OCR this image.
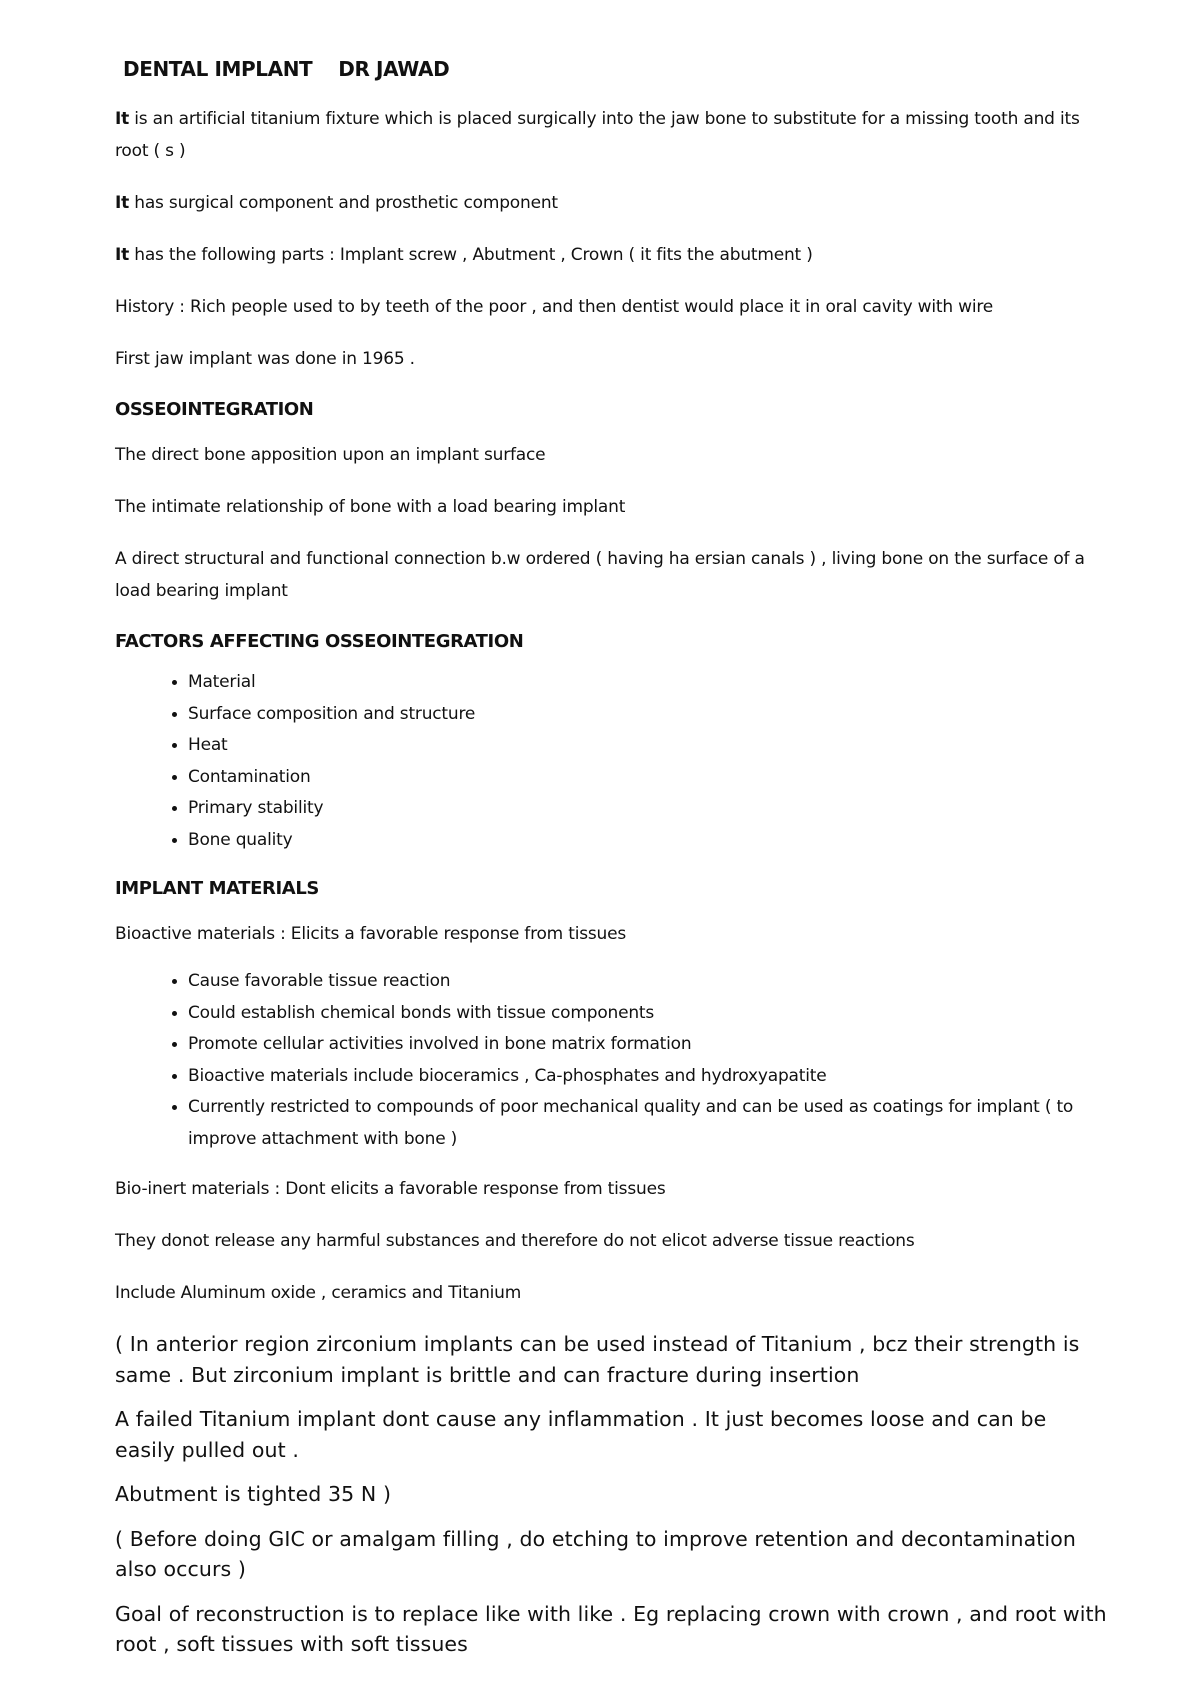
DENTAL IMPLANT DR JAWAD

It is an artificial titanium fixture which is placed surgically into the jaw bone to substitute for a missing tooth and its root ( s )

It has surgical component and prosthetic component

It has the following parts : Implant screw , Abutment , Crown ( it fits the abutment )

History : Rich people used to by teeth of the poor , and then dentist would place it in oral cavity with wire

First jaw implant was done in 1965 .

OSSEOINTEGRATION

The direct bone apposition upon an implant surface

The intimate relationship of bone with a load bearing implant

A direct structural and functional connection b.w ordered ( having ha ersian canals ) , living bone on the surface of a load bearing implant

FACTORS AFFECTING OSSEOINTEGRATION
• Material
• Surface composition and structure
• Heat
• Contamination
• Primary stability
• Bone quality
IMPLANT MATERIALS

Bioactive materials : Elicits a favorable response from tissues

• Cause favorable tissue reaction
• Could establish chemical bonds with tissue components
• Promote cellular activities involved in bone matrix formation
• Bioactive materials include bioceramics , Ca-phosphates and hydroxyapatite
• Currently restricted to compounds of poor mechanical quality and can be used as coatings for implant ( to improve attachment with bone )

Bio-inert materials : Dont elicits a favorable response from tissues

They donot release any harmful substances and therefore do not elicot adverse tissue reactions

Include Aluminum oxide , ceramics and Titanium

( In anterior region zirconium implants can be used instead of Titanium , bcz their strength is same . But zirconium implant is brittle and can fracture during insertion

A failed Titanium implant dont cause any inflammation . It just becomes loose and can be easily pulled out .

Abutment is tighted 35 N )

( Before doing GIC or amalgam filling , do etching to improve retention and decontamination also occurs )

Goal of reconstruction is to replace like with like . Eg replacing crown with crown , and root with root , soft tissues with soft tissues
